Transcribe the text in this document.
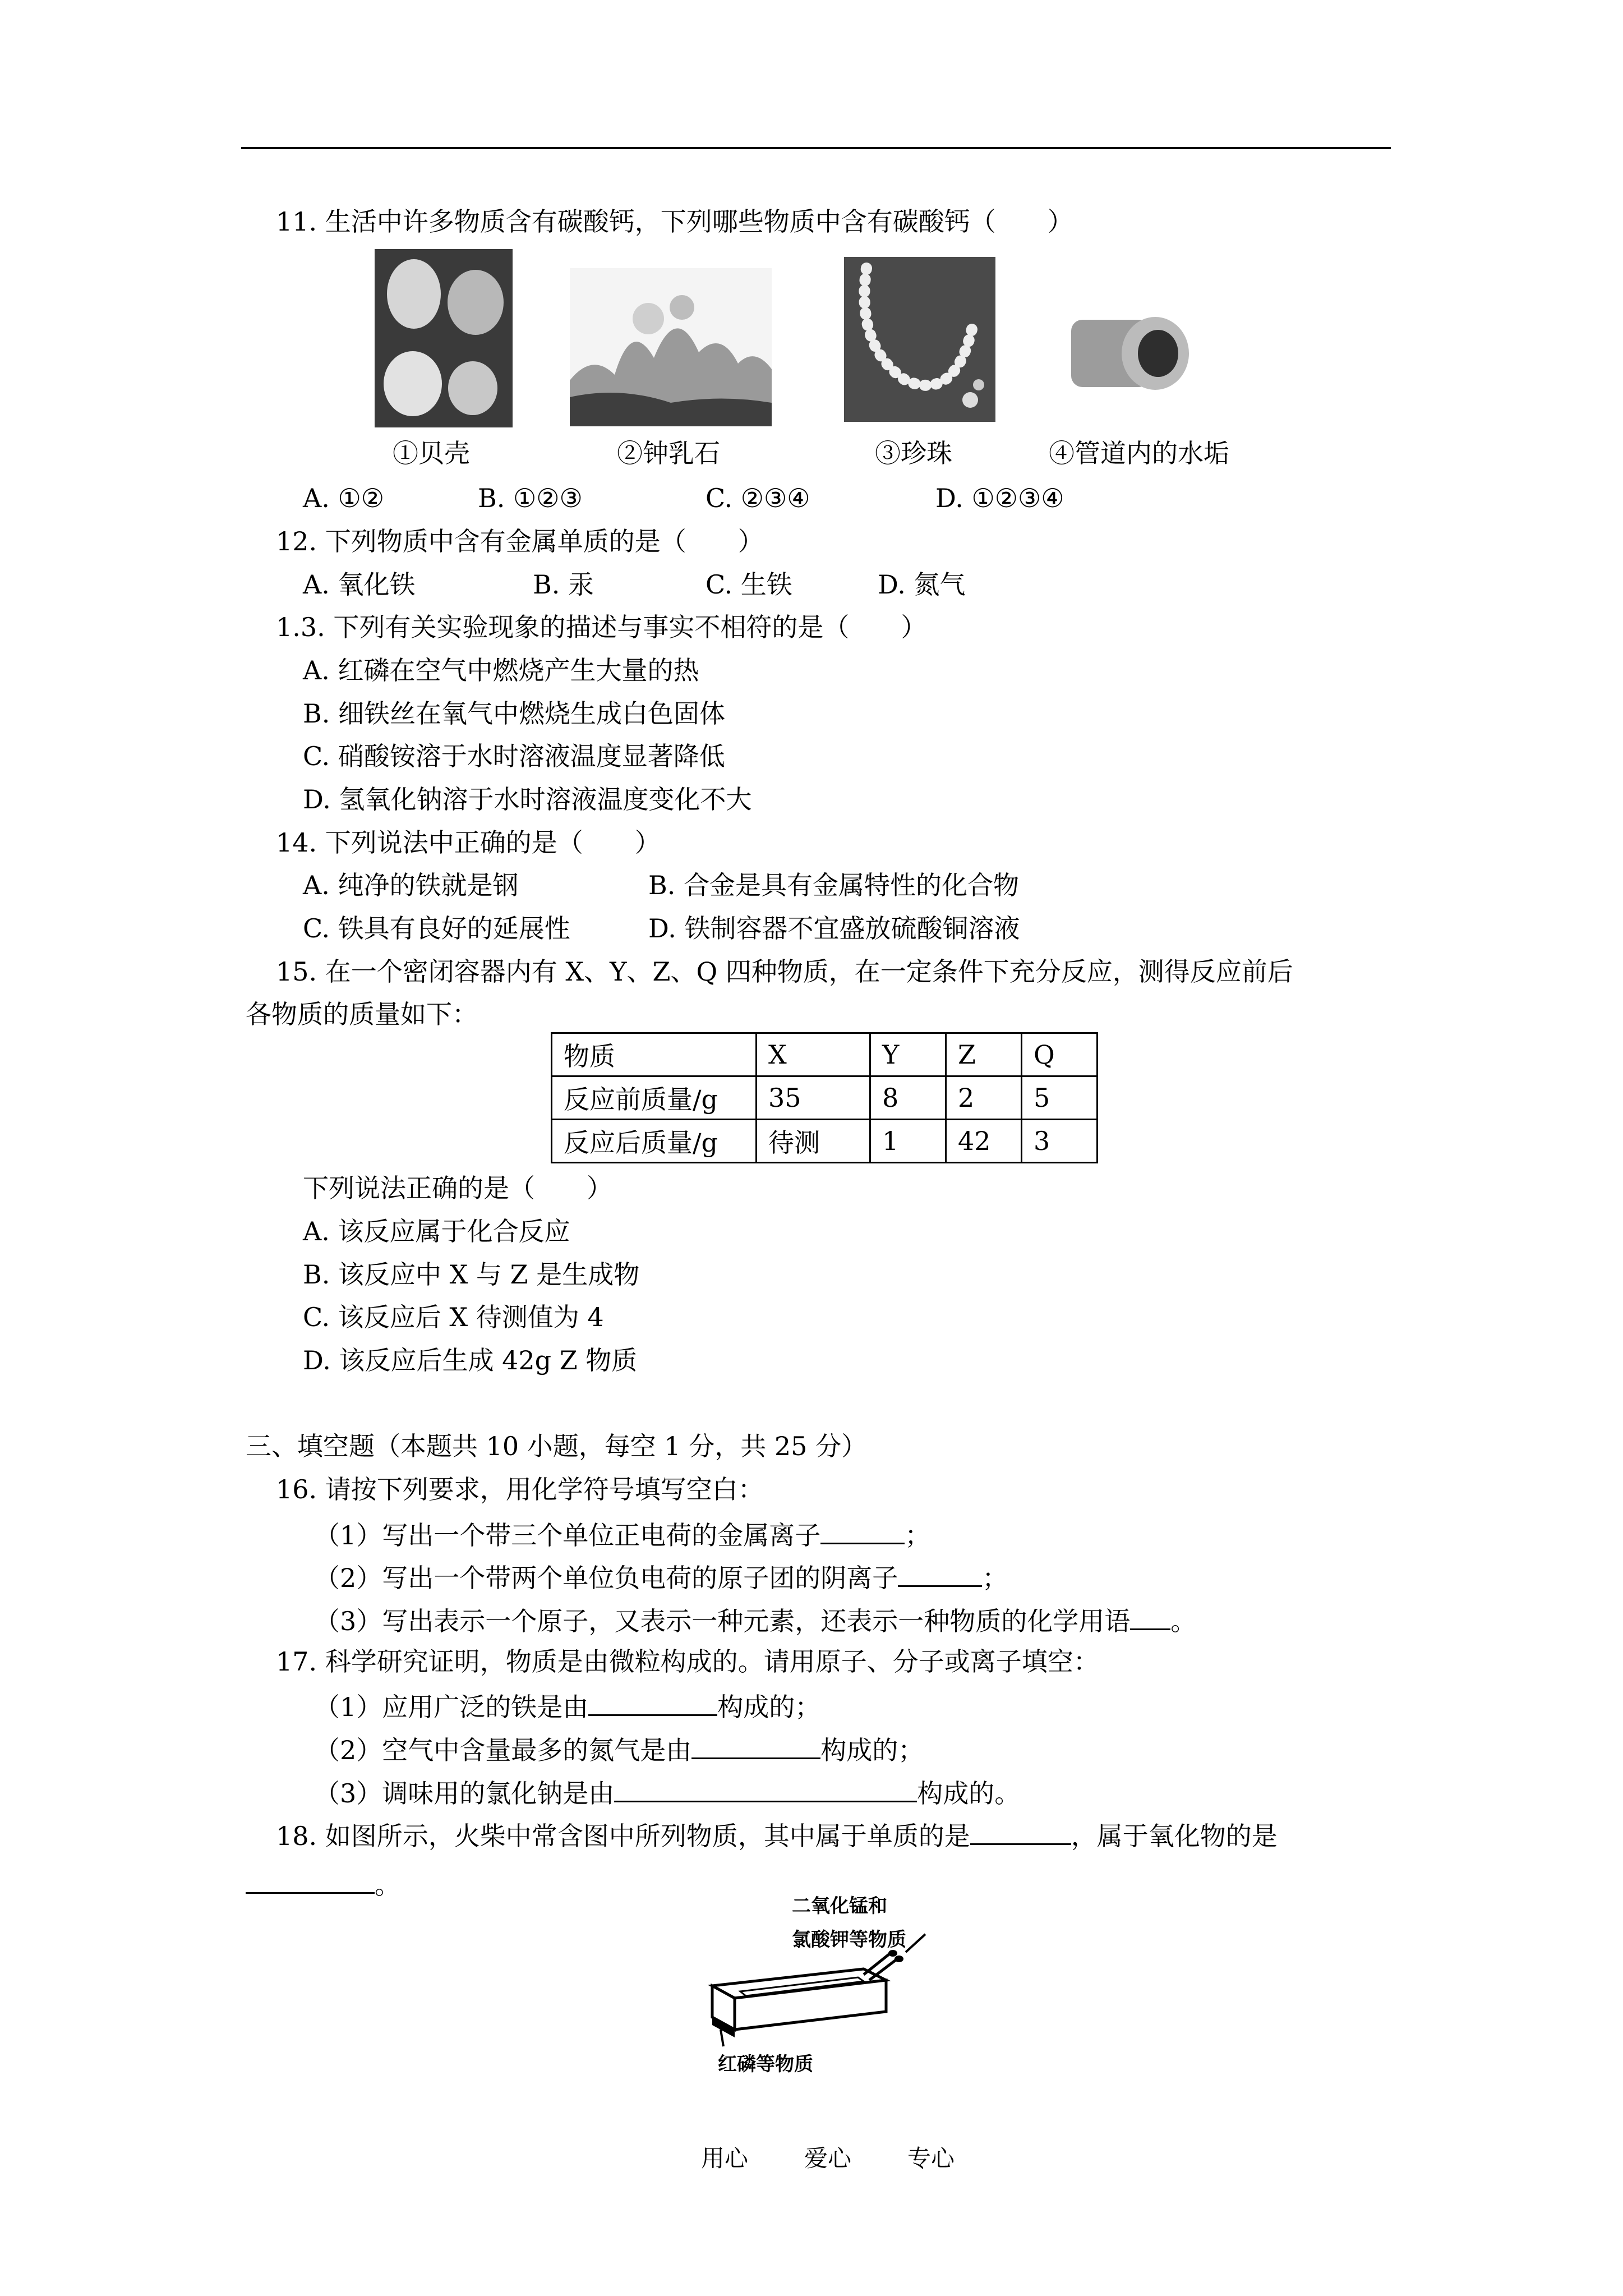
11. 生活中许多物质含有碳酸钙，下列哪些物质中含有碳酸钙（　　）
①贝壳	②钟乳石	③珍珠	④管道内的水垢
A. ①②	B. ①②③	C. ②③④	D. ①②③④
12. 下列物质中含有金属单质的是（　　）
A. 氧化铁	B. 汞	C. 生铁	D. 氮气
1.3. 下列有关实验现象的描述与事实不相符的是（　　）
A. 红磷在空气中燃烧产生大量的热
B. 细铁丝在氧气中燃烧生成白色固体
C. 硝酸铵溶于水时溶液温度显著降低
D. 氢氧化钠溶于水时溶液温度变化不大
14. 下列说法中正确的是（　　）
A. 纯净的铁就是钢	B. 合金是具有金属特性的化合物
C. 铁具有良好的延展性	D. 铁制容器不宜盛放硫酸铜溶液
15. 在一个密闭容器内有 X、Y、Z、Q 四种物质，在一定条件下充分反应，测得反应前后
各物质的质量如下：
物质	X	Y	Z	Q
反应前质量/g	35	8	2	5
反应后质量/g	待测	1	42	3
下列说法正确的是（　　）
A. 该反应属于化合反应
B. 该反应中 X 与 Z 是生成物
C. 该反应后 X 待测值为 4
D. 该反应后生成 42g Z 物质
三、填空题（本题共 10 小题，每空 1 分，共 25 分）
16. 请按下列要求，用化学符号填写空白：
（1）写出一个带三个单位正电荷的金属离子	；
（2）写出一个带两个单位负电荷的原子团的阴离子	；
（3）写出表示一个原子，又表示一种元素，还表示一种物质的化学用语 。
17. 科学研究证明，物质是由微粒构成的。请用原子、分子或离子填空：
（1）应用广泛的铁是由	构成的；
（2）空气中含量最多的氮气是由	构成的；
（3）调味用的氯化钠是由	构成的。
18. 如图所示，火柴中常含图中所列物质，其中属于单质的是	，属于氧化物的是
。
二氧化锰和
氯酸钾等物质
红磷等物质
用心 爱心 专心
